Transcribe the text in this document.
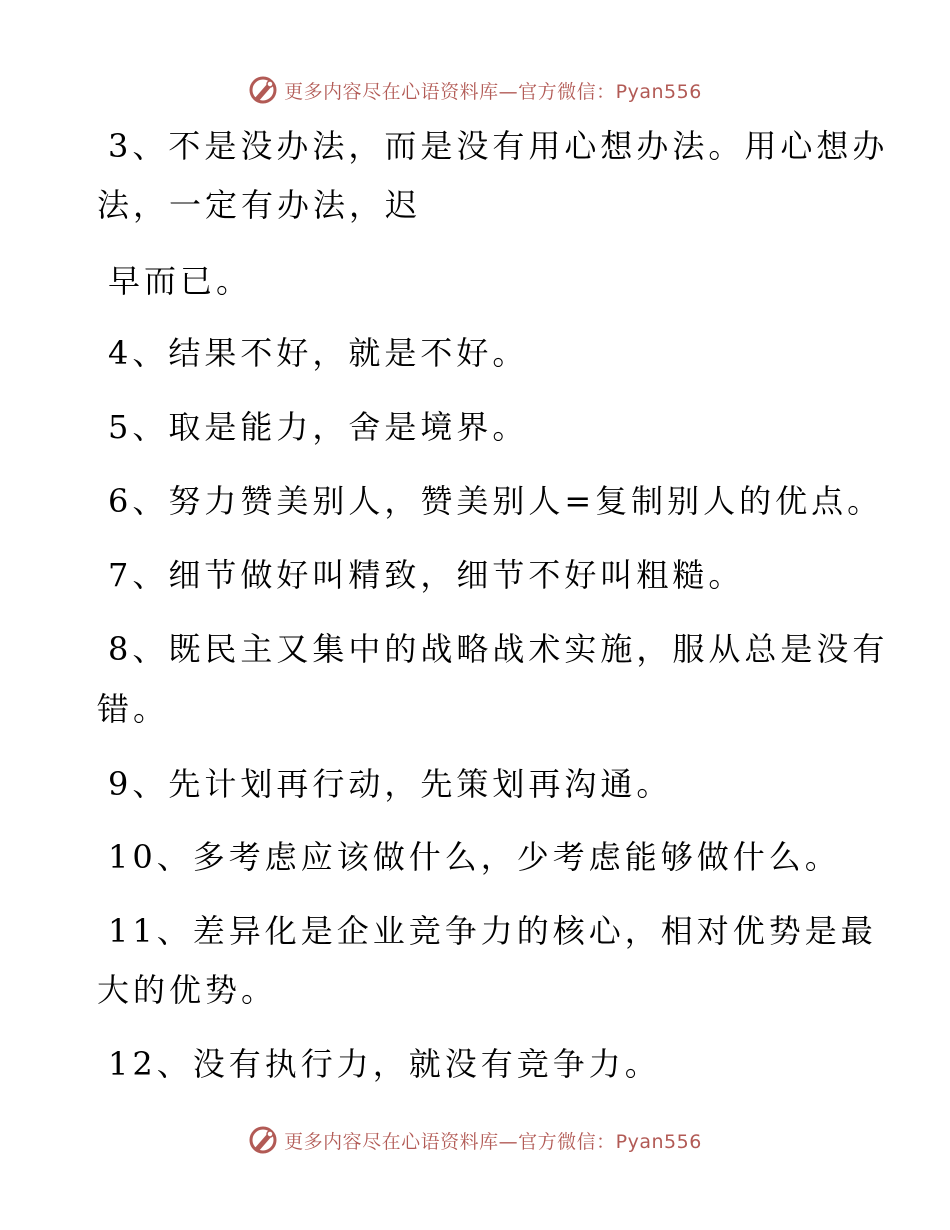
更多内容尽在心语资料库—官方微信：Pyan556
3、不是没办法，而是没有用心想办法。用心想办
法，一定有办法，迟
早而已。
4、结果不好，就是不好。
5、取是能力，舍是境界。
6、努力赞美别人，赞美别人=复制别人的优点。
7、细节做好叫精致，细节不好叫粗糙。
8、既民主又集中的战略战术实施，服从总是没有
错。
9、先计划再行动，先策划再沟通。
10、多考虑应该做什么，少考虑能够做什么。
11、差异化是企业竞争力的核心，相对优势是最
大的优势。
12、没有执行力，就没有竞争力。
更多内容尽在心语资料库—官方微信：Pyan556
